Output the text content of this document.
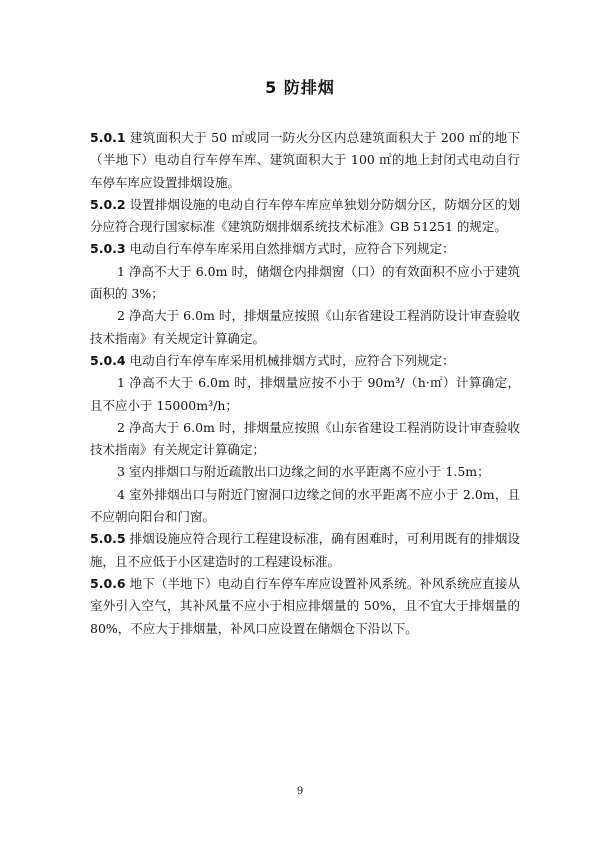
5 防排烟

5.0.1 建筑面积大于 50 ㎡或同一防火分区内总建筑面积大于 200 ㎡的地下（半地下）电动自行车停车库、建筑面积大于 100 ㎡的地上封闭式电动自行车停车库应设置排烟设施。

5.0.2 设置排烟设施的电动自行车停车库应单独划分防烟分区，防烟分区的划分应符合现行国家标准《建筑防烟排烟系统技术标准》GB 51251 的规定。

5.0.3 电动自行车停车库采用自然排烟方式时，应符合下列规定：

1 净高不大于 6.0m 时，储烟仓内排烟窗（口）的有效面积不应小于建筑面积的 3%；

2 净高大于 6.0m 时，排烟量应按照《山东省建设工程消防设计审查验收技术指南》有关规定计算确定。

5.0.4 电动自行车停车库采用机械排烟方式时，应符合下列规定：

1 净高不大于 6.0m 时，排烟量应按不小于 90m³/（h·㎡）计算确定，且不应小于 15000m³/h；

2 净高大于 6.0m 时，排烟量应按照《山东省建设工程消防设计审查验收技术指南》有关规定计算确定；

3 室内排烟口与附近疏散出口边缘之间的水平距离不应小于 1.5m；

4 室外排烟出口与附近门窗洞口边缘之间的水平距离不应小于 2.0m，且不应朝向阳台和门窗。

5.0.5 排烟设施应符合现行工程建设标准，确有困难时，可利用既有的排烟设施，且不应低于小区建造时的工程建设标准。

5.0.6 地下（半地下）电动自行车停车库应设置补风系统。补风系统应直接从室外引入空气，其补风量不应小于相应排烟量的 50%，且不宜大于排烟量的 80%，不应大于排烟量，补风口应设置在储烟仓下沿以下。

9
